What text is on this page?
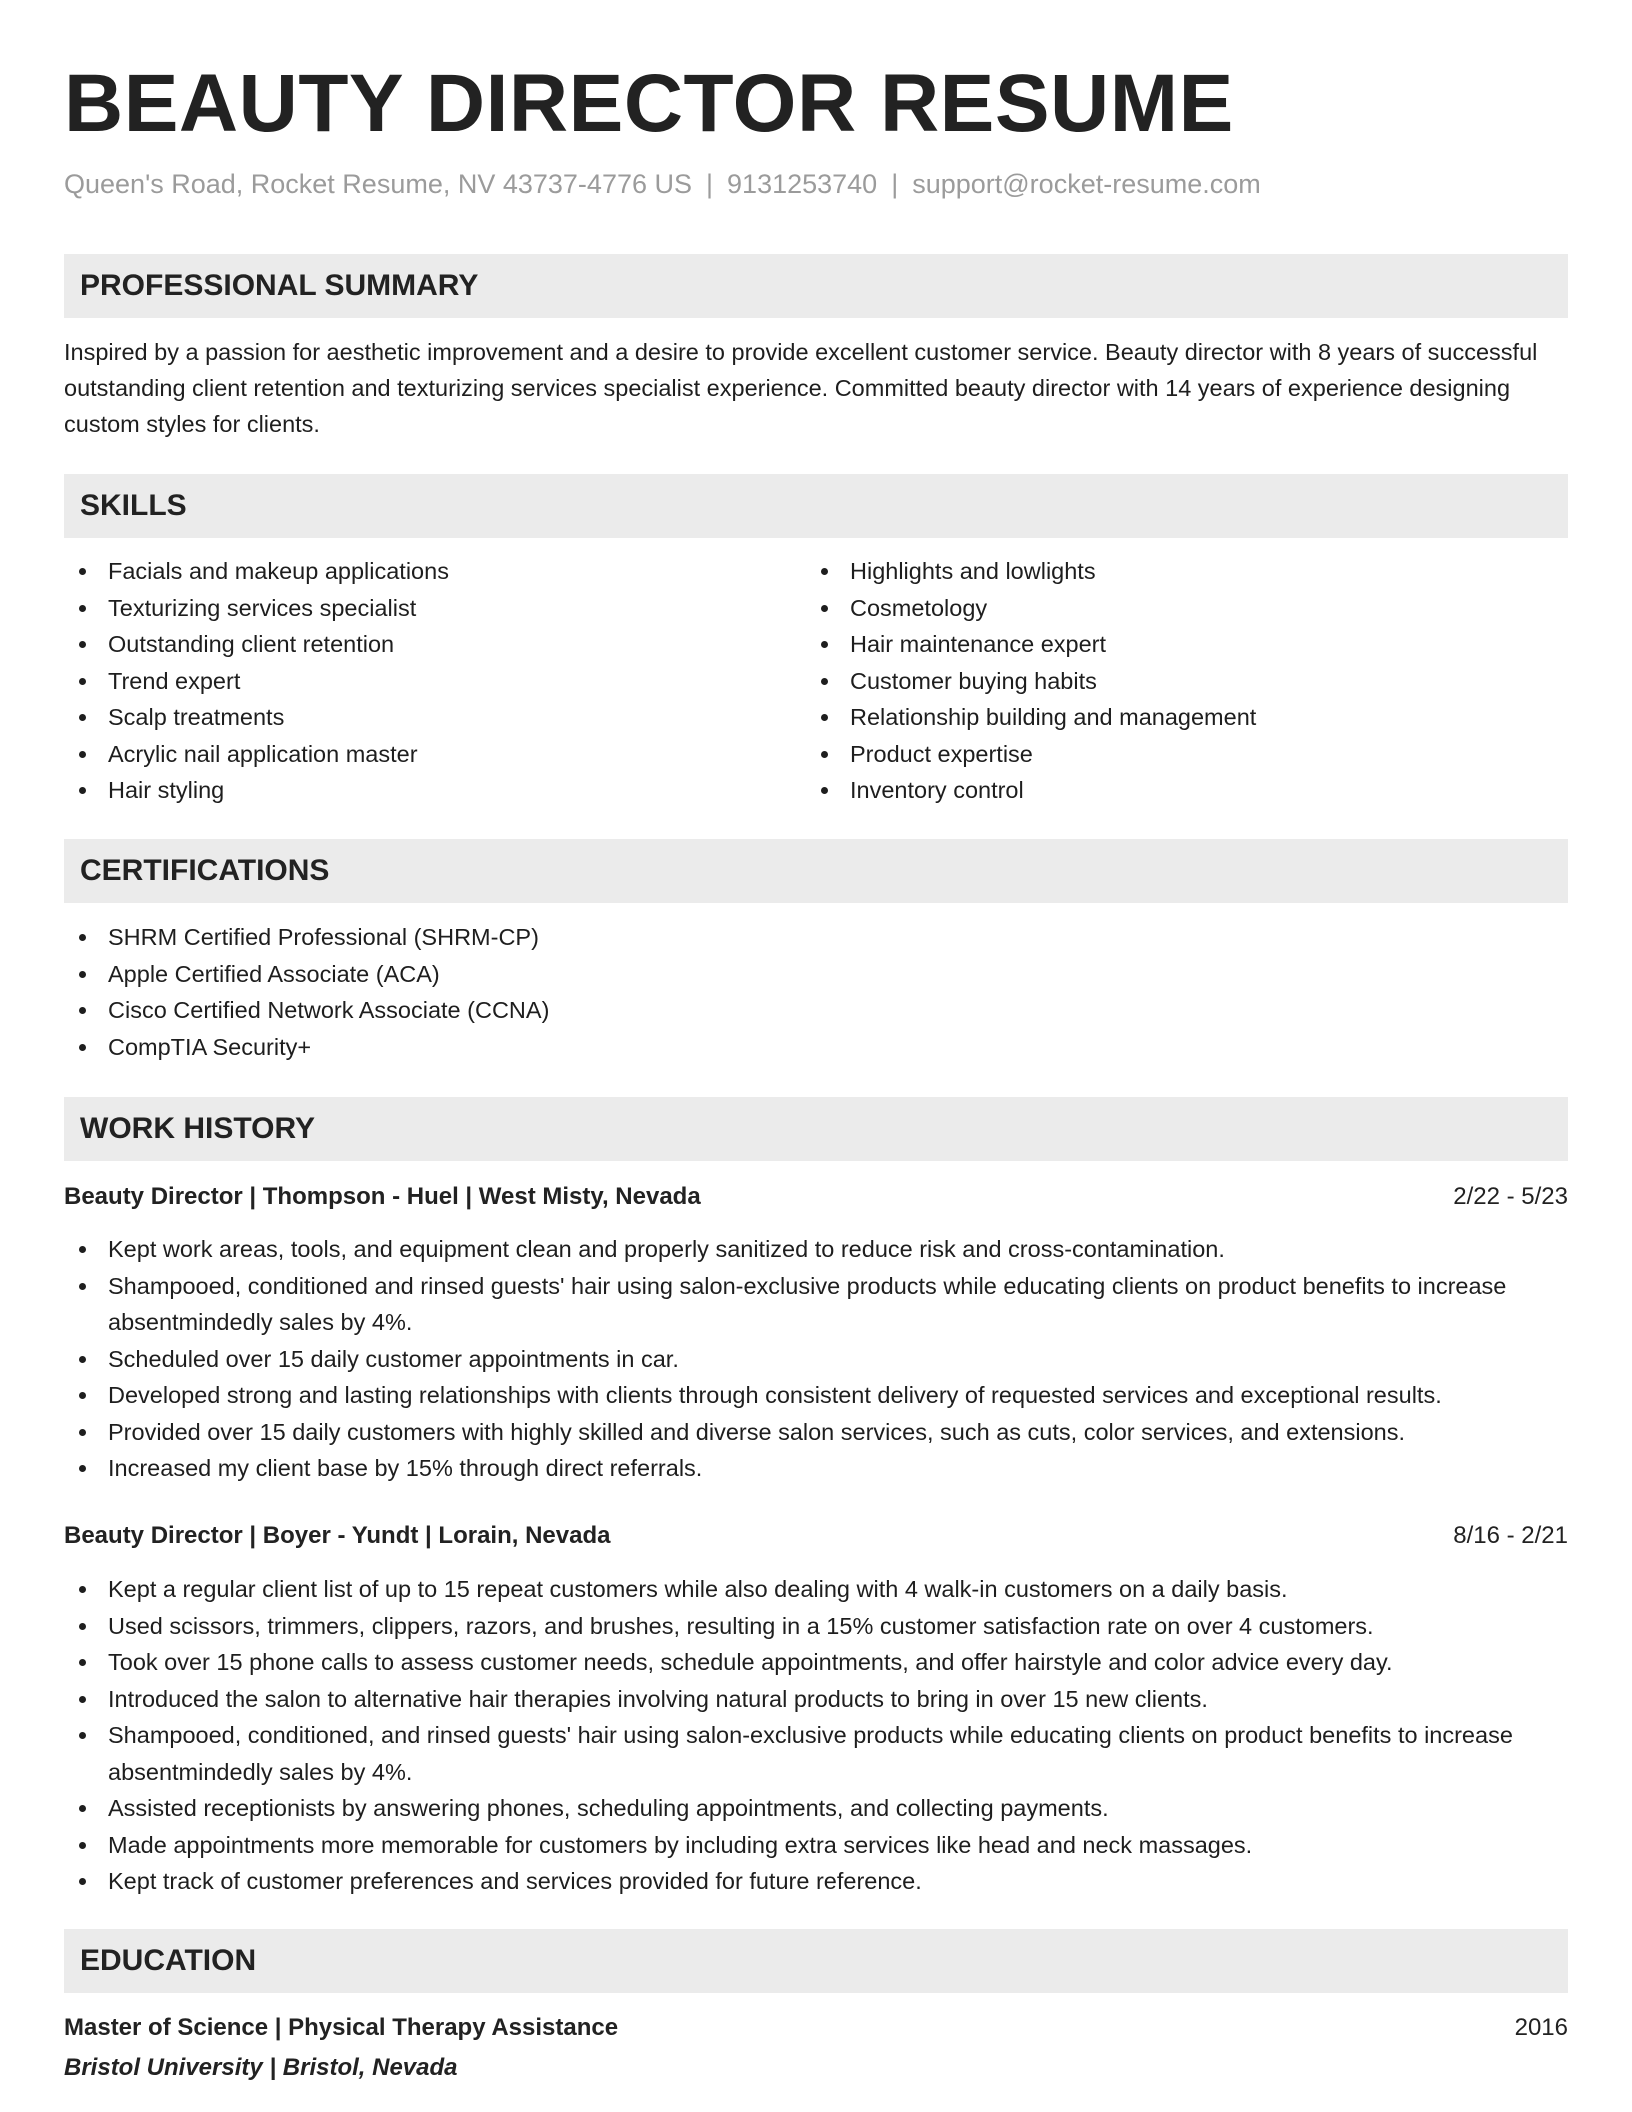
BEAUTY DIRECTOR RESUME
Queen's Road, Rocket Resume, NV 43737-4776 US | 9131253740 | support@rocket-resume.com
PROFESSIONAL SUMMARY
Inspired by a passion for aesthetic improvement and a desire to provide excellent customer service. Beauty director with 8 years of successful outstanding client retention and texturizing services specialist experience. Committed beauty director with 14 years of experience designing custom styles for clients.
SKILLS
Facials and makeup applications
Texturizing services specialist
Outstanding client retention
Trend expert
Scalp treatments
Acrylic nail application master
Hair styling
Highlights and lowlights
Cosmetology
Hair maintenance expert
Customer buying habits
Relationship building and management
Product expertise
Inventory control
CERTIFICATIONS
SHRM Certified Professional (SHRM-CP)
Apple Certified Associate (ACA)
Cisco Certified Network Associate (CCNA)
CompTIA Security+
WORK HISTORY
Beauty Director | Thompson - Huel | West Misty, Nevada	2/22 - 5/23
Kept work areas, tools, and equipment clean and properly sanitized to reduce risk and cross-contamination.
Shampooed, conditioned and rinsed guests' hair using salon-exclusive products while educating clients on product benefits to increase absentmindedly sales by 4%.
Scheduled over 15 daily customer appointments in car.
Developed strong and lasting relationships with clients through consistent delivery of requested services and exceptional results.
Provided over 15 daily customers with highly skilled and diverse salon services, such as cuts, color services, and extensions.
Increased my client base by 15% through direct referrals.
Beauty Director | Boyer - Yundt | Lorain, Nevada	8/16 - 2/21
Kept a regular client list of up to 15 repeat customers while also dealing with 4 walk-in customers on a daily basis.
Used scissors, trimmers, clippers, razors, and brushes, resulting in a 15% customer satisfaction rate on over 4 customers.
Took over 15 phone calls to assess customer needs, schedule appointments, and offer hairstyle and color advice every day.
Introduced the salon to alternative hair therapies involving natural products to bring in over 15 new clients.
Shampooed, conditioned, and rinsed guests' hair using salon-exclusive products while educating clients on product benefits to increase absentmindedly sales by 4%.
Assisted receptionists by answering phones, scheduling appointments, and collecting payments.
Made appointments more memorable for customers by including extra services like head and neck massages.
Kept track of customer preferences and services provided for future reference.
EDUCATION
Master of Science | Physical Therapy Assistance	2016
Bristol University | Bristol, Nevada
